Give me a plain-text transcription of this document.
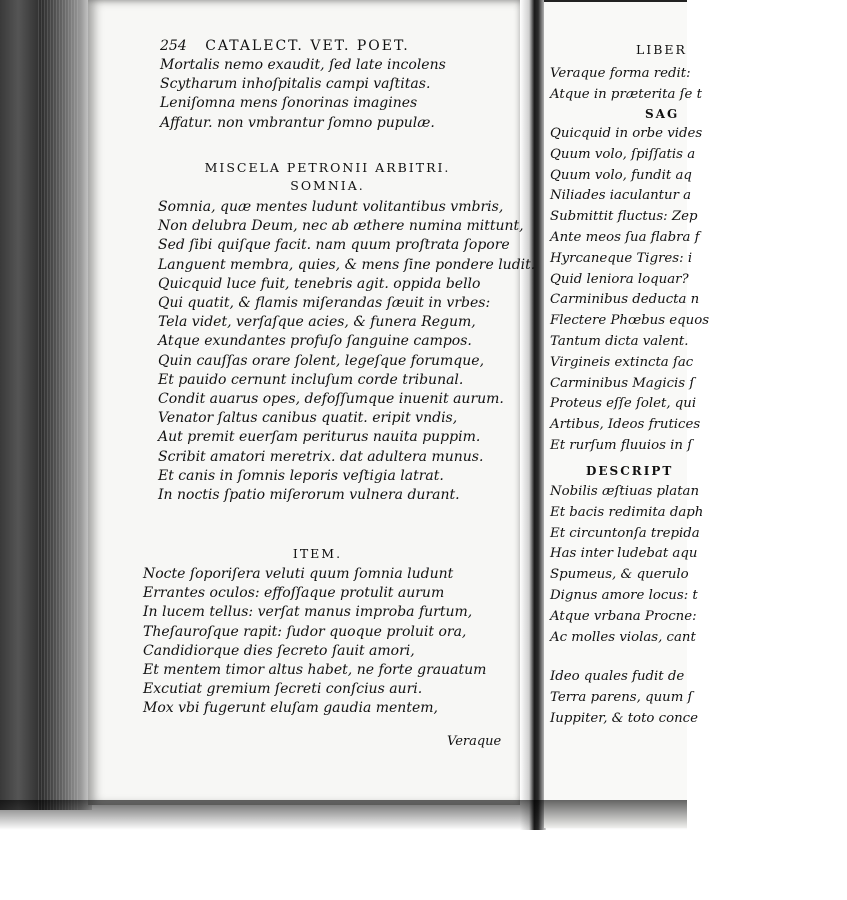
254 CATALECT. VET. POET.
Mortalis nemo exaudit, ſed late incolens
Scytharum inhoſpitalis campi vaſtitas.
Leniſomna mens ſonorinas imagines
Affatur. non vmbrantur ſomno pupulæ.
MISCELA PETRONII ARBITRI.
SOMNIA.
Somnia, quæ mentes ludunt volitantibus vmbris,
Non delubra Deum, nec ab æthere numina mittunt,
Sed ſibi quiſque facit. nam quum proſtrata ſopore
Languent membra, quies, & mens ſine pondere ludit.
Quicquid luce fuit, tenebris agit. oppida bello
Qui quatit, & flamis miſerandas ſæuit in vrbes:
Tela videt, verſaſque acies, & funera Regum,
Atque exundantes profuſo ſanguine campos.
Quin cauſſas orare ſolent, legeſque forumque,
Et pauido cernunt incluſum corde tribunal.
Condit auarus opes, defoſſumque inuenit aurum.
Venator ſaltus canibus quatit. eripit vndis,
Aut premit euerſam periturus nauita puppim.
Scribit amatori meretrix. dat adultera munus.
Et canis in ſomnis leporis veſtigia latrat.
In noctis ſpatio miſerorum vulnera durant.
ITEM.
Nocte ſoporiſera veluti quum ſomnia ludunt
Errantes oculos: effoſſaque protulit aurum
In lucem tellus: verſat manus improba furtum,
Theſauroſque rapit: ſudor quoque proluit ora,
Candidiorque dies ſecreto ſauit amori,
Et mentem timor altus habet, ne forte grauatum
Excutiat gremium ſecreti conſcius auri.
Mox vbi fugerunt eluſam gaudia mentem,
Veraque
LIBER
Veraque forma redit:
Atque in præterita ſe t
SAG
Quicquid in orbe vides
Quum volo, ſpiſſatis a
Quum volo, fundit aq
Niliades iaculantur a
Submittit fluctus: Zep
Ante meos ſua flabra f
Hyrcaneque Tigres: i
Quid leniora loquar?
Carminibus deducta n
Flectere Phœbus equos
Tantum dicta valent.
Virgineis extincta ſac
Carminibus Magicis ſ
Proteus eſſe ſolet, qui
Artibus, Ideos frutices
Et rurſum fluuios in ſ
DESCRIPT
Nobilis æſtiuas platan
Et bacis redimita daph
Et circuntonſa trepida
Has inter ludebat aqu
Spumeus, & querulo
Dignus amore locus: t
Atque vrbana Procne:
Ac molles violas, cant
Ideo quales fudit de
Terra parens, quum ſ
Iuppiter, & toto conce
